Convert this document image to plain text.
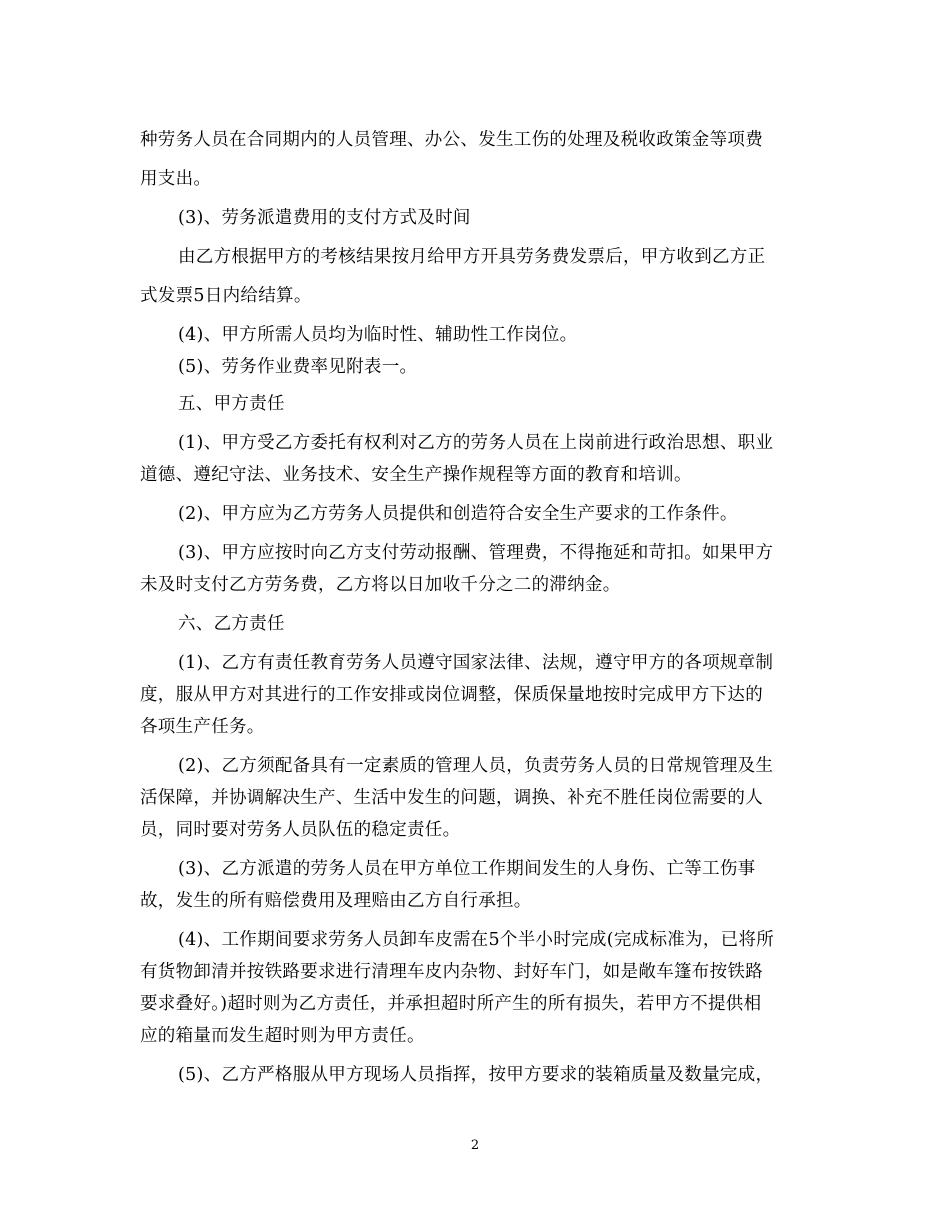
种劳务人员在合同期内的人员管理、办公、发生工伤的处理及税收政策金等项费
用支出。
(3)、劳务派遣费用的支付方式及时间
由乙方根据甲方的考核结果按月给甲方开具劳务费发票后，甲方收到乙方正
式发票5日内给结算。
(4)、甲方所需人员均为临时性、辅助性工作岗位。
(5)、劳务作业费率见附表一。
五、甲方责任
(1)、甲方受乙方委托有权利对乙方的劳务人员在上岗前进行政治思想、职业
道德、遵纪守法、业务技术、安全生产操作规程等方面的教育和培训。
(2)、甲方应为乙方劳务人员提供和创造符合安全生产要求的工作条件。
(3)、甲方应按时向乙方支付劳动报酬、管理费，不得拖延和苛扣。如果甲方
未及时支付乙方劳务费，乙方将以日加收千分之二的滞纳金。
六、乙方责任
(1)、乙方有责任教育劳务人员遵守国家法律、法规，遵守甲方的各项规章制
度，服从甲方对其进行的工作安排或岗位调整，保质保量地按时完成甲方下达的
各项生产任务。
(2)、乙方须配备具有一定素质的管理人员，负责劳务人员的日常规管理及生
活保障，并协调解决生产、生活中发生的问题，调换、补充不胜任岗位需要的人
员，同时要对劳务人员队伍的稳定责任。
(3)、乙方派遣的劳务人员在甲方单位工作期间发生的人身伤、亡等工伤事
故，发生的所有赔偿费用及理赔由乙方自行承担。
(4)、工作期间要求劳务人员卸车皮需在5个半小时完成(完成标准为，已将所
有货物卸清并按铁路要求进行清理车皮内杂物、封好车门，如是敞车篷布按铁路
要求叠好。)超时则为乙方责任，并承担超时所产生的所有损失，若甲方不提供相
应的箱量而发生超时则为甲方责任。
(5)、乙方严格服从甲方现场人员指挥，按甲方要求的装箱质量及数量完成，
2
